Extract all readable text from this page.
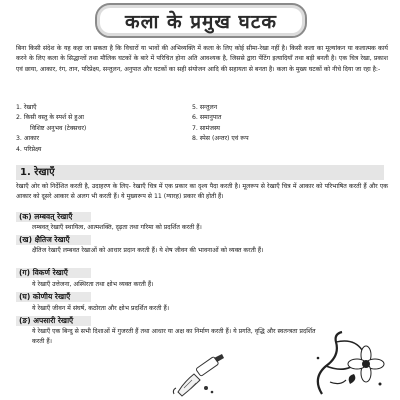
कला के प्रमुख घटक

बिना किसी संदेश के यह कहा जा सकता है कि विचारों या भावों की अभिव्यक्ति में कला के लिए कोई सीमा-रेखा नहीं है। किसी कला का मूल्यांकन या कलात्मक कार्य करने के लिए कला के सिद्धान्तों तथा मौलिक घटकों के बारे में परिचित होना अति आवश्यक है, जिससे द्वारा पेंटिंग इत्यादियाँ तथा बड़ी बनती है। एक चित्र रेखा, प्रकाश एवं छाया, आकार, रंग, तान, परिप्रेक्ष्य, सन्तुलन, अनुपात और घटकों का सही संयोजन आदि की सहायता से बनता है। कला के मुख्य घटकों को नीचे दिया जा रहा है:-

1. रेखाएँ
2. किसी वस्तु के स्पर्श से हुआ
विशिष्ट अनुभव (टेक्सचर)
3. आकार
4. परिप्रेक्ष्य
5. सन्तुलन
6. समानुपात
7. सामंजस्य
8. स्पेस (अन्तर) एवं रूप
1. रेखाएँ

रेखाएँ ओर को निर्देशित करती है, उदाहरण के लिए- रेखाएँ चित्र में एक प्रकार का दृश्य पैदा करती है। मूलरूप से रेखाएँ चित्र में आकार को परिभाषित करती हैं और एक आकार को दूसरे आकार से अलग भी करती हैं। ये मुख्यरूप से 11 (ग्यारह) प्रकार की होती हैं।

(क) लम्बवत् रेखाएँ

लम्बवत् रेखाएँ स्थायित्व, आत्मशक्ति, दृढ़ता तथा गरिमा को प्रदर्शित करती हैं।

(ख) क्षैतिज रेखाएँ

क्षैतिज रेखाएँ लम्बवत रेखाओं को आधार प्रदान करती हैं। ये शेष जीवन की भावनाओं को व्यक्त करती हैं।

(ग) विकर्ण रेखाएँ

ये रेखाएँ उत्तेजना, अस्थिरता तथा क्षोभ व्यक्त करती हैं।

(घ) कोणीय रेखाएँ

ये रेखाएँ जीवन में संघर्ष, कठोरता और क्षोभ प्रदर्शित करती हैं।

(ङ) अपसारी रेखाएँ

ये रेखाएँ एक बिन्दु से सभी दिशाओं में गुजरती हैं तथा आधार या अक्ष का निर्माण करती हैं। ये प्रगति, वृद्धि और स्वतन्त्रता प्रदर्शित करती हैं।
